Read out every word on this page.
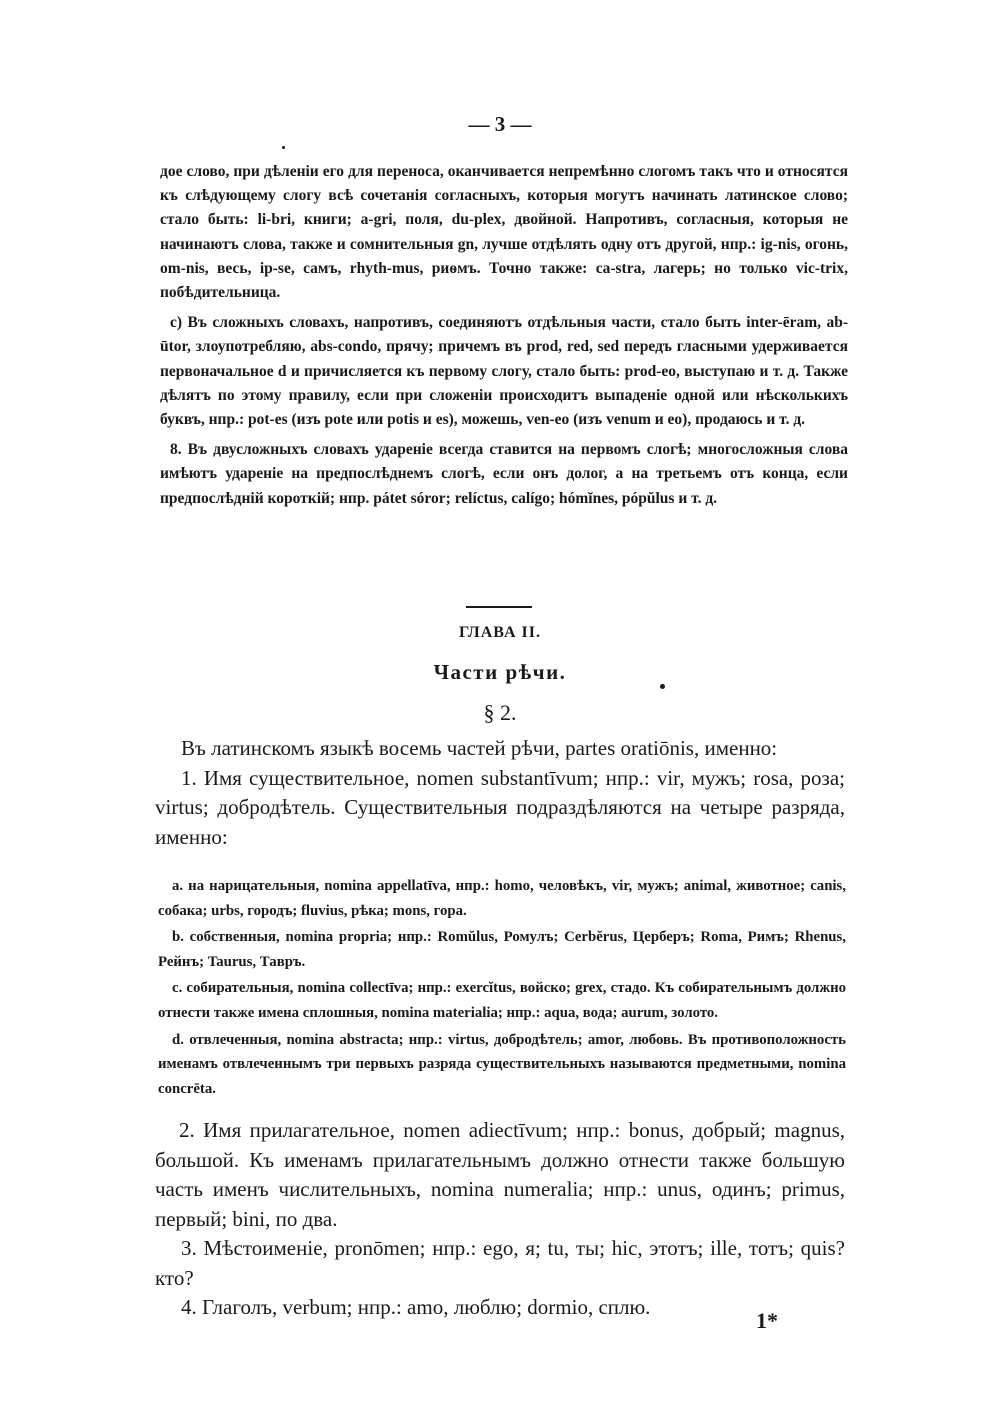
— 3 —

дое слово, при дѣленіи его для переноса, оканчивается непремѣнно слогомъ такъ что и относятся къ слѣдующему слогу всѣ сочетанія согласныхъ, которыя могутъ начинать латинское слово; стало быть: li-bri, книги; a-gri, поля, du-plex, двойной. Напротивъ, согласныя, которыя не начинаютъ слова, также и сомнительныя gn, лучше отдѣлять одну отъ другой, нпр.: ig-nis, огонь, om-nis, весь, ip-se, самъ, rhyth-mus, риѳмъ. Точно также: ca-stra, лагерь; но только vic-trix, побѣдительница.

c) Въ сложныхъ словахъ, напротивъ, соединяютъ отдѣльныя части, стало быть inter-ēram, ab-ūtor, злоупотребляю, abs-condo, прячу; причемъ въ prod, red, sed передъ гласными удерживается первоначальное d и причисляется къ первому слогу, стало быть: prod-eo, выступаю и т. д. Также дѣлятъ по этому правилу, если при сложеніи происходитъ выпаденіе одной или нѣсколькихъ буквъ, нпр.: pot-es (изъ pote или potis и es), можешь, ven-eo (изъ venum и eo), продаюсь и т. д.

8. Въ двусложныхъ словахъ удареніе всегда ставится на первомъ слогѣ; многосложныя слова имѣютъ удареніе на предпослѣднемъ слогѣ, если онъ долог, а на третьемъ отъ конца, если предпослѣдній короткій; нпр. pátet sóror; relíctus, calígo; hómĭnes, pópŭlus и т. д.

ГЛАВА II.
Части рѣчи.
§ 2.

Въ латинскомъ языкѣ восемь частей рѣчи, partes oratiōnis, именно:

1. Имя существительное, nomen substantīvum; нпр.: vir, мужъ; rosa, роза; virtus; добродѣтель. Существительныя подраздѣляются на четыре разряда, именно:

a. на нарицательныя, nomina appellatīva, нпр.: homo, человѣкъ, vir, мужъ; animal, животное; canis, собака; urbs, городъ; fluvius, рѣка; mons, гора.

b. собственныя, nomina propria; нпр.: Romŭlus, Ромулъ; Cerbĕrus, Церберъ; Roma, Римъ; Rhenus, Рейнъ; Taurus, Тавръ.

c. собирательныя, nomina collectīva; нпр.: exercĭtus, войско; grex, стадо. Къ собирательнымъ должно отнести также имена сплошныя, nomina materialia; нпр.: aqua, вода; aurum, золото.

d. отвлеченныя, nomina abstracta; нпр.: virtus, добродѣтель; amor, любовь. Въ противоположность именамъ отвлеченнымъ три первыхъ разряда существительныхъ называются предметными, nomina concrēta.

2. Имя прилагательное, nomen adiectīvum; нпр.: bonus, добрый; magnus, большой. Къ именамъ прилагательнымъ должно отнести также большую часть именъ числительныхъ, nomina numeralia; нпр.: unus, одинъ; primus, первый; bini, по два.

3. Мѣстоименіе, pronōmen; нпр.: ego, я; tu, ты; hic, этотъ; ille, тотъ; quis? кто?

4. Глаголъ, verbum; нпр.: amo, люблю; dormio, сплю.

1*
